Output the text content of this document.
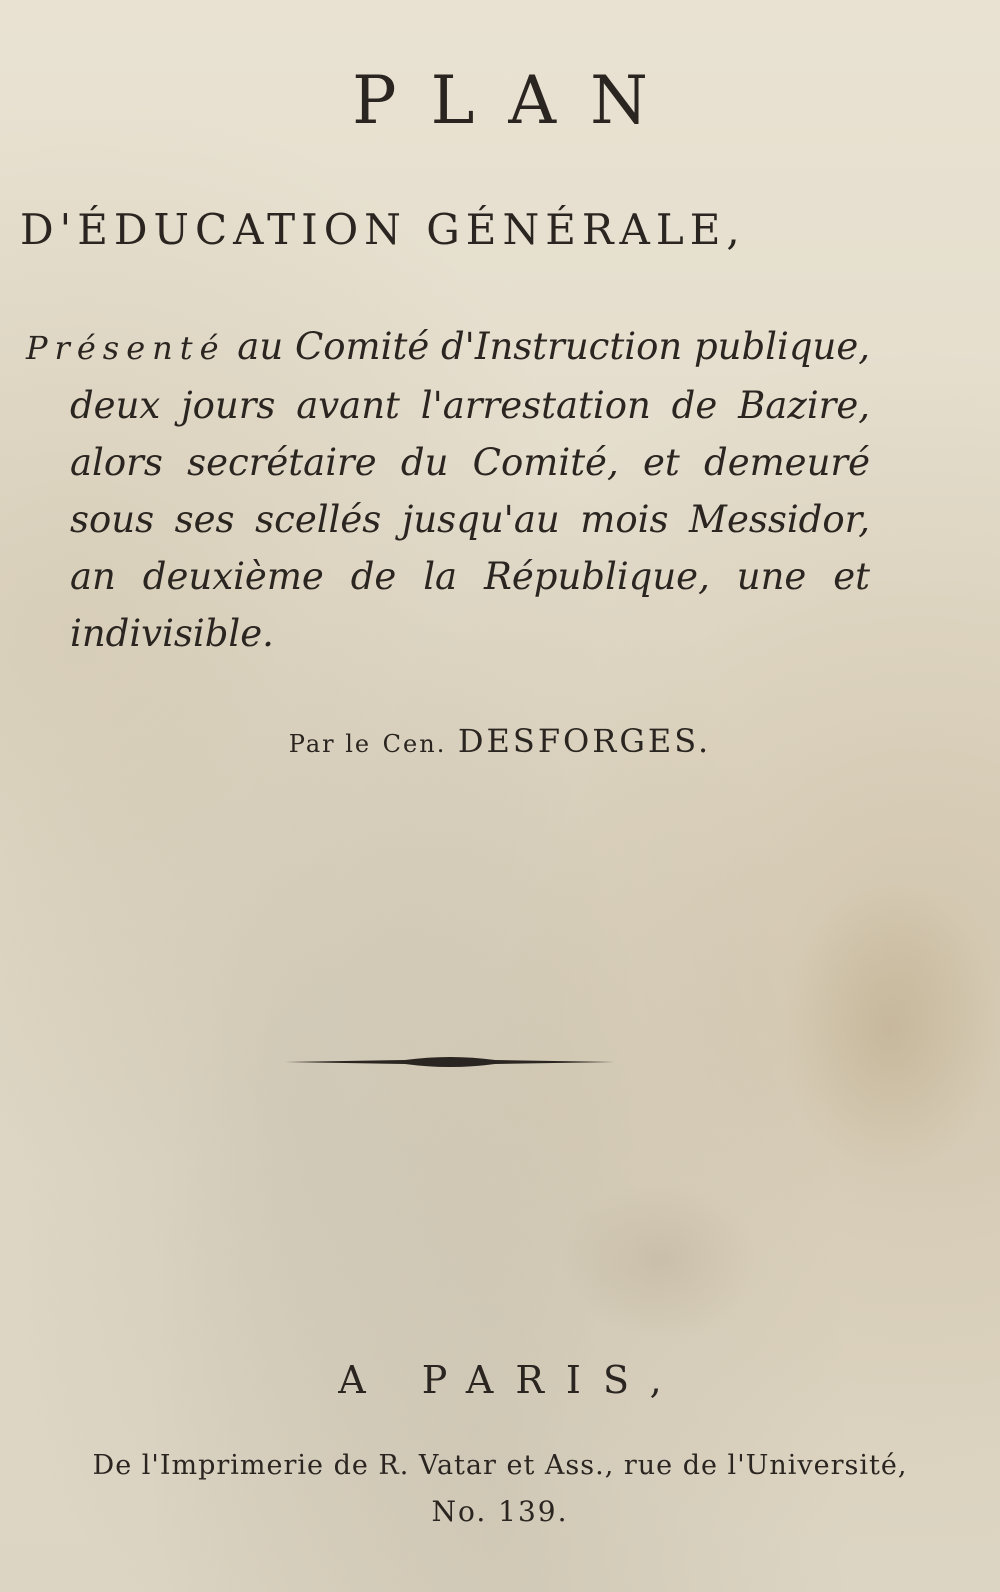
PLAN
D'ÉDUCATION GÉNÉRALE,
Présenté au Comité d'Instruction publique, deux jours avant l'arrestation de Bazire, alors secrétaire du Comité, et demeuré sous ses scellés jusqu'au mois Messidor, an deuxième de la République, une et indivisible.
Par le Cen. DESFORGES.
A PARIS,
De l'Imprimerie de R. Vatar et Ass., rue de l'Université,
No. 139.
